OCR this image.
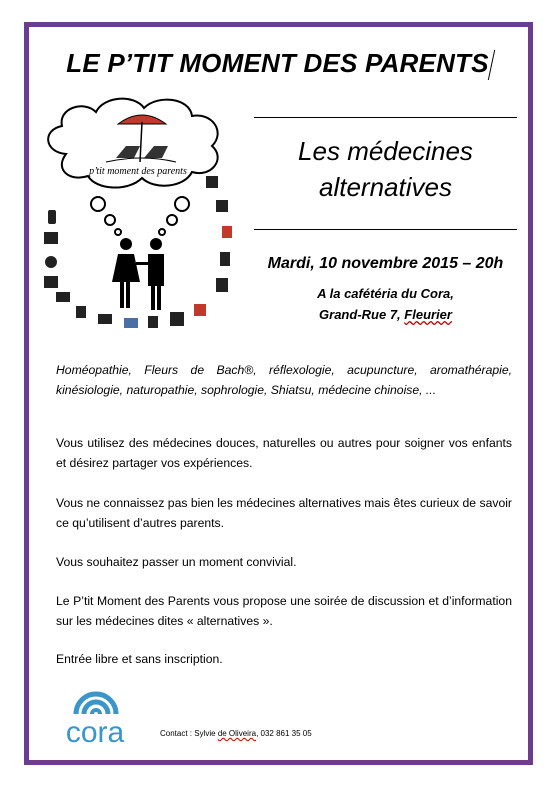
LE P’TIT MOMENT DES PARENTS
p’tit moment des parents
Les médecines
alternatives
Mardi, 10 novembre 2015 – 20h
A la cafétéria du Cora,
Grand-Rue 7, Fleurier
Homéopathie, Fleurs de Bach®, réflexologie, acupuncture, aromathérapie, kinésiologie, naturopathie, sophrologie, Shiatsu, médecine chinoise, ...
Vous utilisez des médecines douces, naturelles ou autres pour soigner vos enfants et désirez partager vos expériences.
Vous ne connaissez pas bien les médecines alternatives mais êtes curieux de savoir ce qu’utilisent d’autres parents.
Vous souhaitez passer un moment convivial.
Le P’tit Moment des Parents vous propose une soirée de discussion et d’information sur les médecines dites « alternatives ».
Entrée libre et sans inscription.
cora	Contact : Sylvie de Oliveira, 032 861 35 05
